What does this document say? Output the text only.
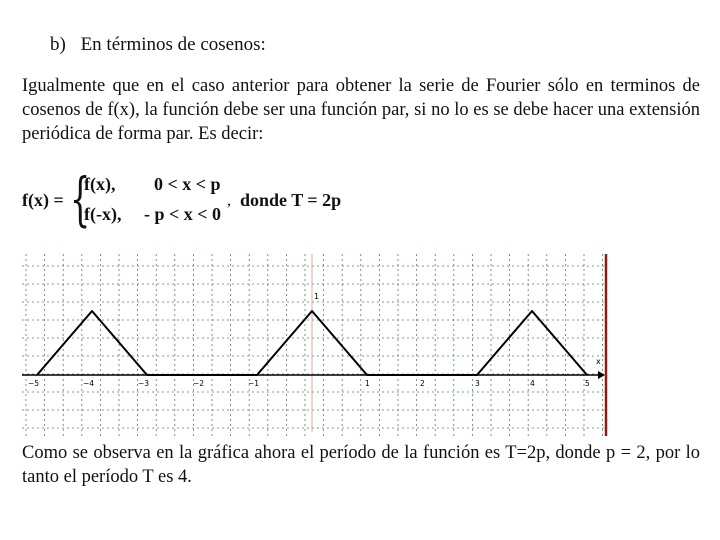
b) En términos de cosenos:

Igualmente que en el caso anterior para obtener la serie de Fourier sólo en terminos de cosenos de f(x), la función debe ser una función par, si no lo es se debe hacer una extensión periódica de forma par. Es decir:

f(x) = {
f(x), 0 < x < p
f(-x), - p < x < 0
, donde T = 2p
x
−5	−4	−3	−2	−1	1	2	3	4	5
1

Como se observa en la gráfica ahora el período de la función es T=2p, donde p = 2, por lo tanto el período T es 4.
